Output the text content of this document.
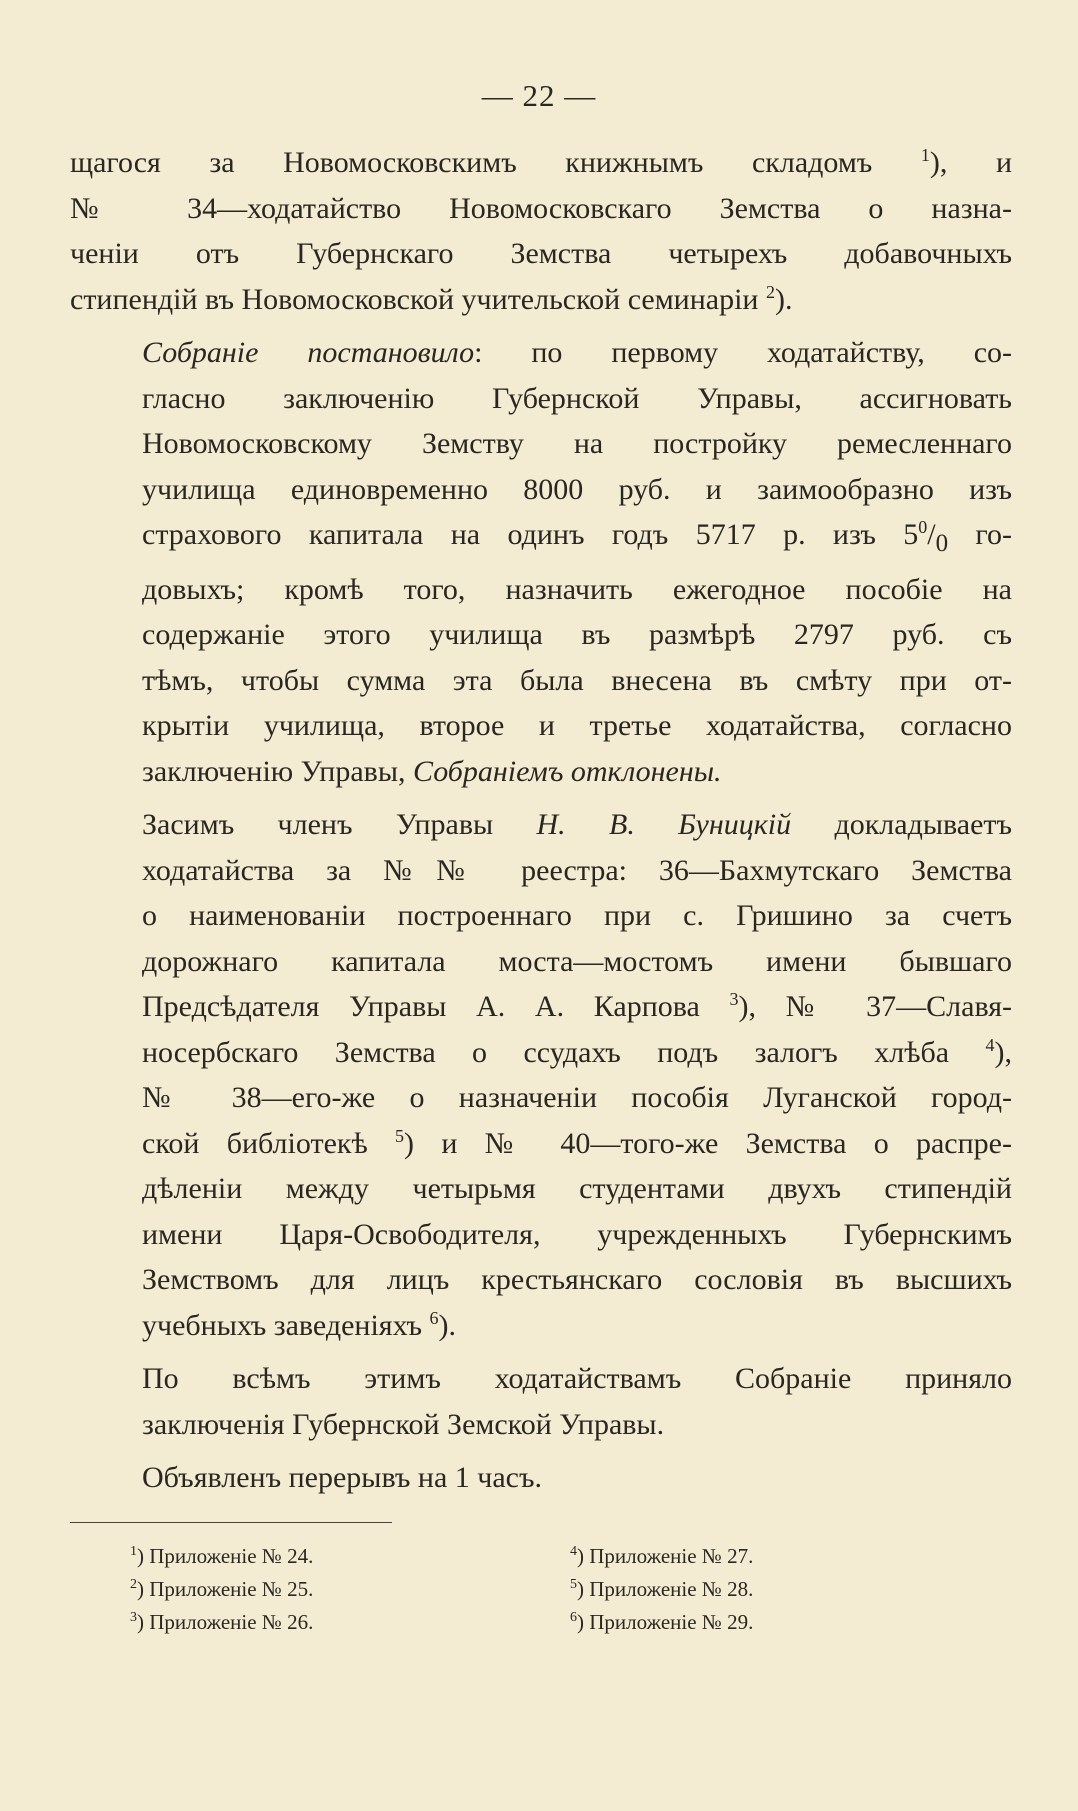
— 22 —

щагося за Новомосковскимъ книжнымъ складомъ $^1$), и
№ 34—ходатайство Новомосковскаго Земства о назна-
ченіи отъ Губернскаго Земства четырехъ добавочныхъ
стипендій въ Новомосковской учительской семинаріи $^2$).

Собраніе постановило: по первому ходатайству, со-
гласно заключенію Губернской Управы, ассигновать
Новомосковскому Земству на постройку ремесленнаго
училища единовременно 8000 руб. и заимообразно изъ
страхового капитала на одинъ годъ 5717 р. изъ $5^0/_0$ го-
довыхъ; кромѣ того, назначить ежегодное пособіе на
содержаніе этого училища въ размѣрѣ 2797 руб. съ
тѣмъ, чтобы сумма эта была внесена въ смѣту при от-
крытіи училища, второе и третье ходатайства, согласно
заключенію Управы, Собраніемъ отклонены.

Засимъ членъ Управы Н. В. Буницкій докладываетъ
ходатайства за №№ реестра: 36—Бахмутскаго Земства
о наименованіи построеннаго при с. Гришино за счетъ
дорожнаго капитала моста—мостомъ имени бывшаго
Предсѣдателя Управы А. А. Карпова $^3$), № 37—Славя-
носербскаго Земства о ссудахъ подъ залогъ хлѣба $^4$),
№ 38—его-же о назначеніи пособія Луганской город-
ской библіотекѣ $^5$) и № 40—того-же Земства о распре-
дѣленіи между четырьмя студентами двухъ стипендій
имени Царя-Освободителя, учрежденныхъ Губернскимъ
Земствомъ для лицъ крестьянскаго сословія въ высшихъ
учебныхъ заведеніяхъ $^6$).

По всѣмъ этимъ ходатайствамъ Собраніе приняло
заключенія Губернской Земской Управы.

Объявленъ перерывъ на 1 часъ.

$^1$) Приложеніе № 24.
$^2$) Приложеніе № 25.
$^3$) Приложеніе № 26.
$^4$) Приложеніе № 27.
$^5$) Приложеніе № 28.
$^6$) Приложеніе № 29.
